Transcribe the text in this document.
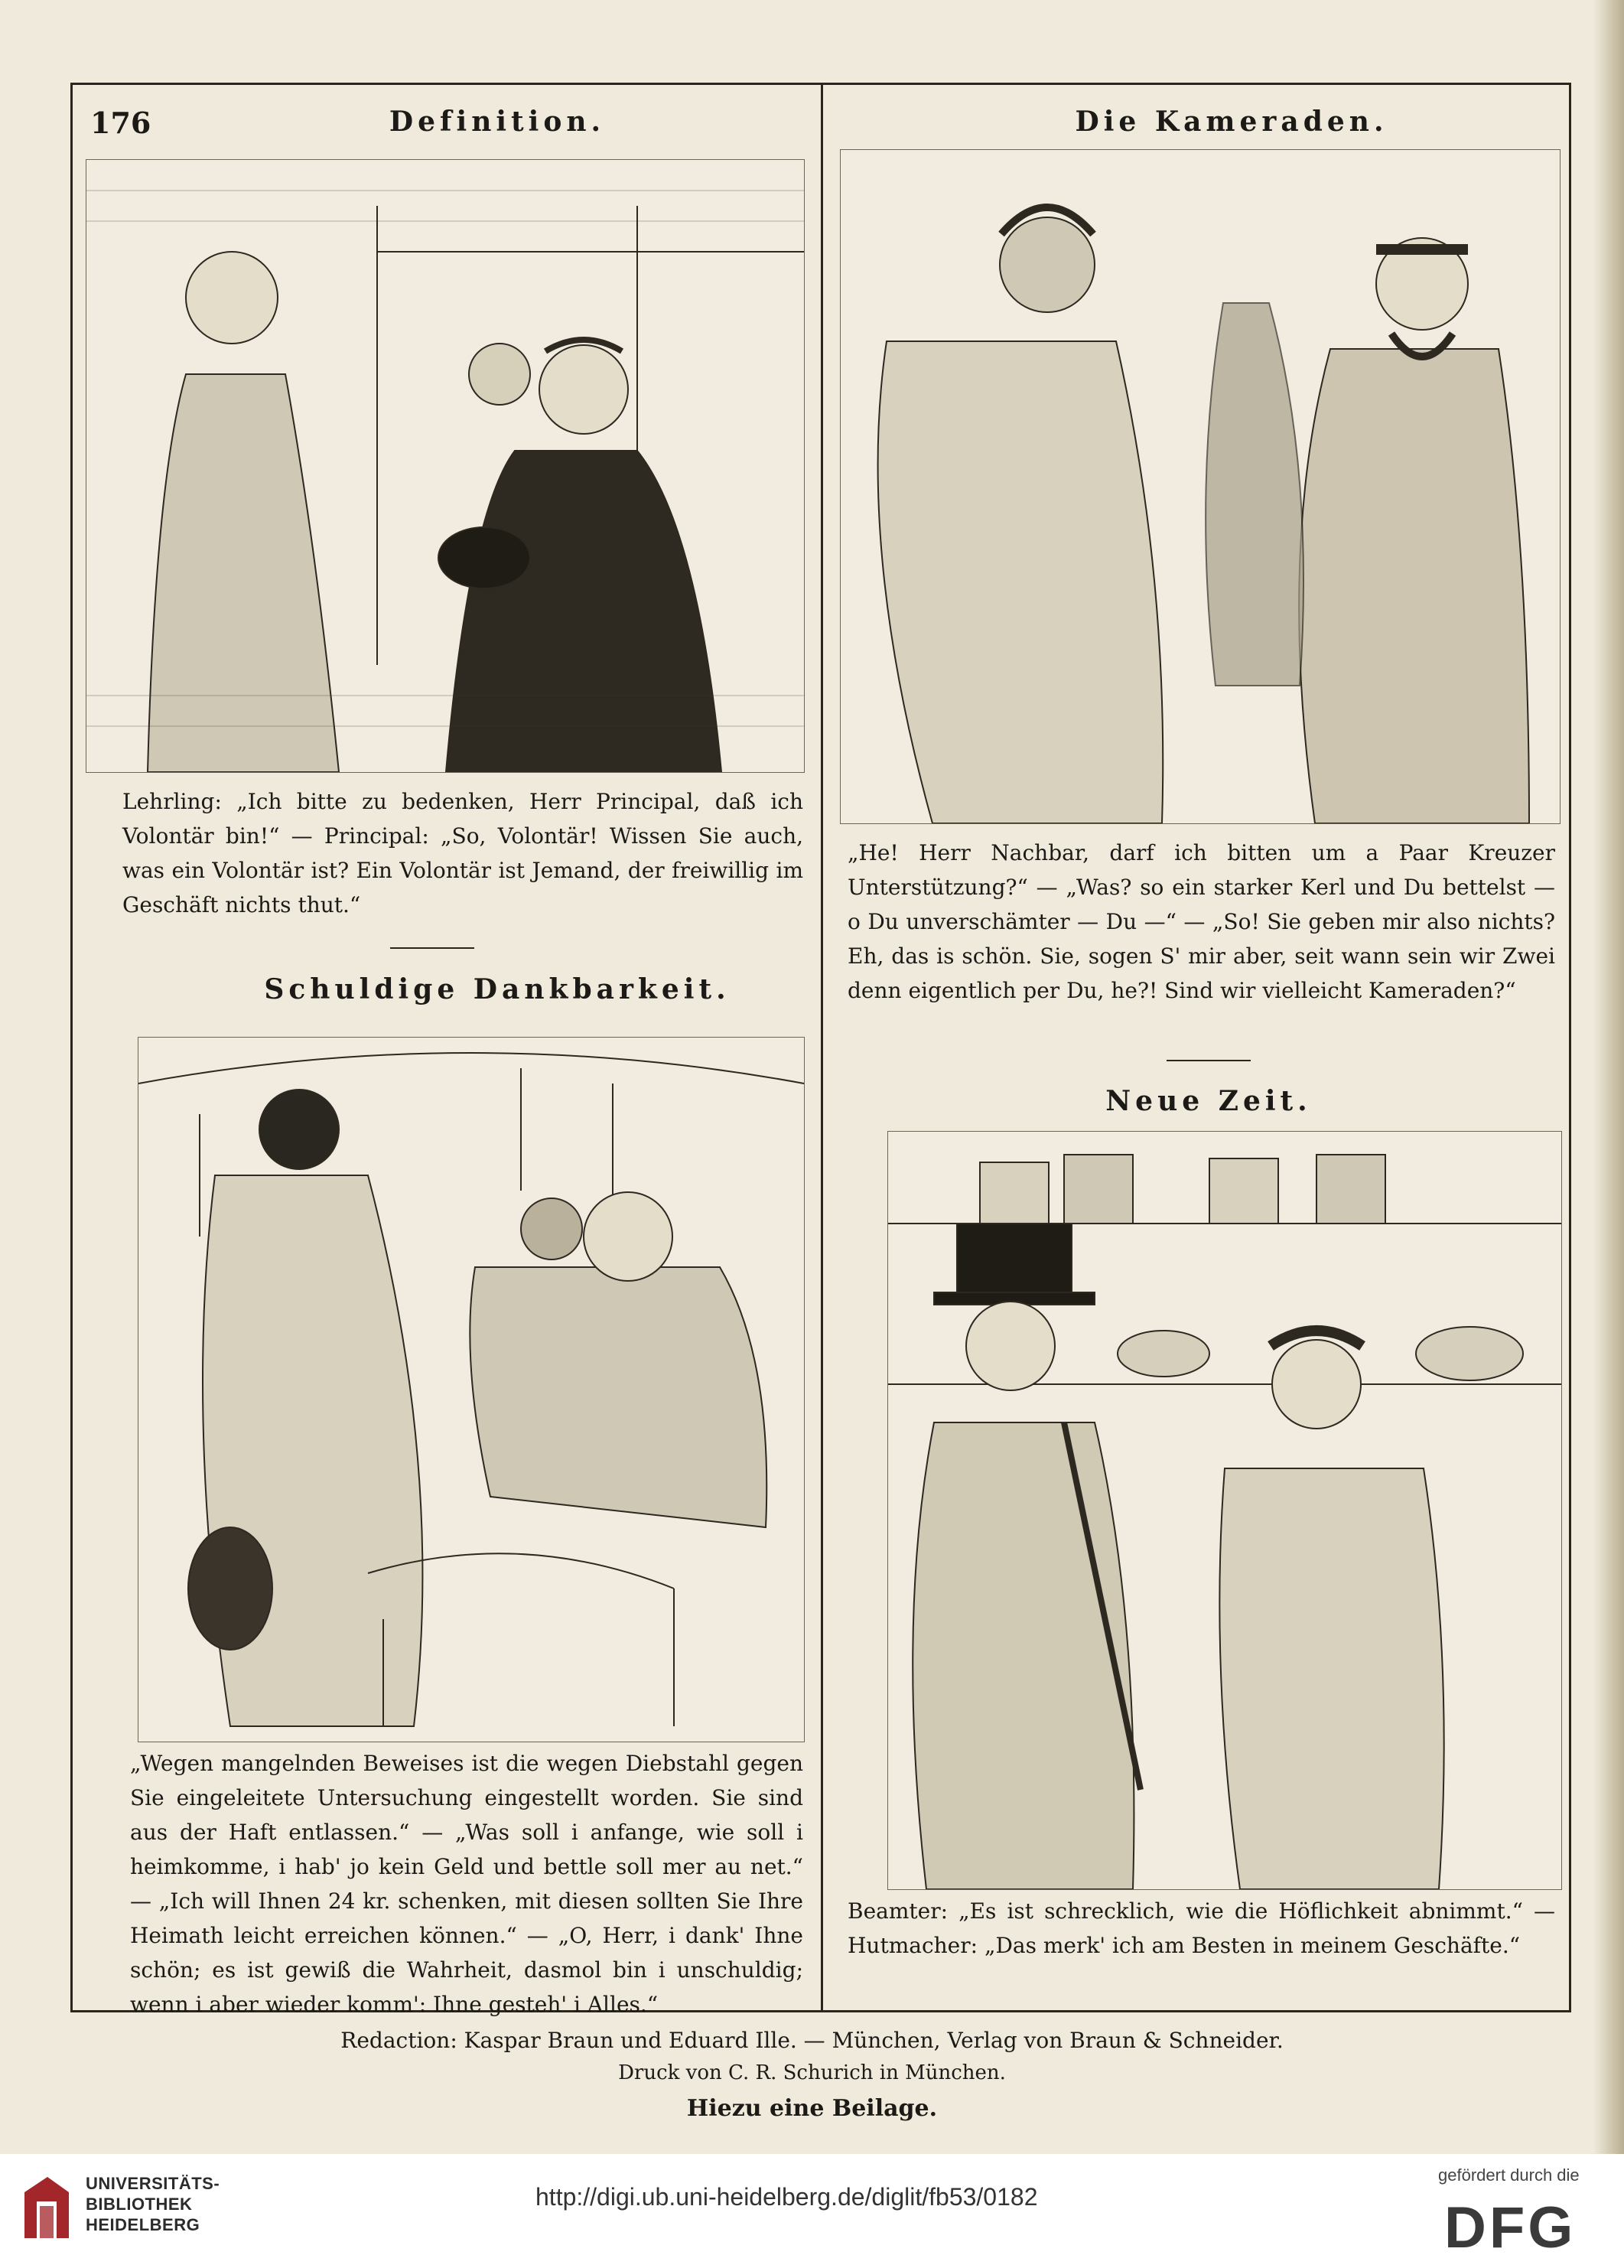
176	Definition.
Lehrling: „Ich bitte zu bedenken, Herr Principal, daß ich Volontär bin!“ — Principal: „So, Volontär! Wissen Sie auch, was ein Volontär ist? Ein Volontär ist Jemand, der freiwillig im Geschäft nichts thut.“
Schuldige Dankbarkeit.
„Wegen mangelnden Beweises ist die wegen Diebstahl gegen Sie eingeleitete Untersuchung eingestellt worden. Sie sind aus der Haft entlassen.“ — „Was soll i anfange, wie soll i heimkomme, i hab' jo kein Geld und bettle soll mer au net.“ — „Ich will Ihnen 24 kr. schenken, mit diesen sollten Sie Ihre Heimath leicht erreichen können.“ — „O, Herr, i dank' Ihne schön; es ist gewiß die Wahrheit, dasmol bin i unschuldig; wenn i aber wieder komm': Ihne gesteh' i Alles.“
Die Kameraden.
„He! Herr Nachbar, darf ich bitten um a Paar Kreuzer Unterstützung?“ — „Was? so ein starker Kerl und Du bettelst — o Du unverschämter — Du —“ — „So! Sie geben mir also nichts? Eh, das is schön. Sie, sogen S' mir aber, seit wann sein wir Zwei denn eigentlich per Du, he?! Sind wir vielleicht Kameraden?“
Neue Zeit.
Beamter: „Es ist schrecklich, wie die Höflichkeit abnimmt.“ — Hutmacher: „Das merk' ich am Besten in meinem Geschäfte.“
Redaction: Kaspar Braun und Eduard Ille. — München, Verlag von Braun & Schneider.
Druck von C. R. Schurich in München.
Hiezu eine Beilage.
UNIVERSITÄTS-
BIBLIOTHEK
HEIDELBERG
http://digi.ub.uni-heidelberg.de/diglit/fb53/0182
gefördert durch die
DFG
